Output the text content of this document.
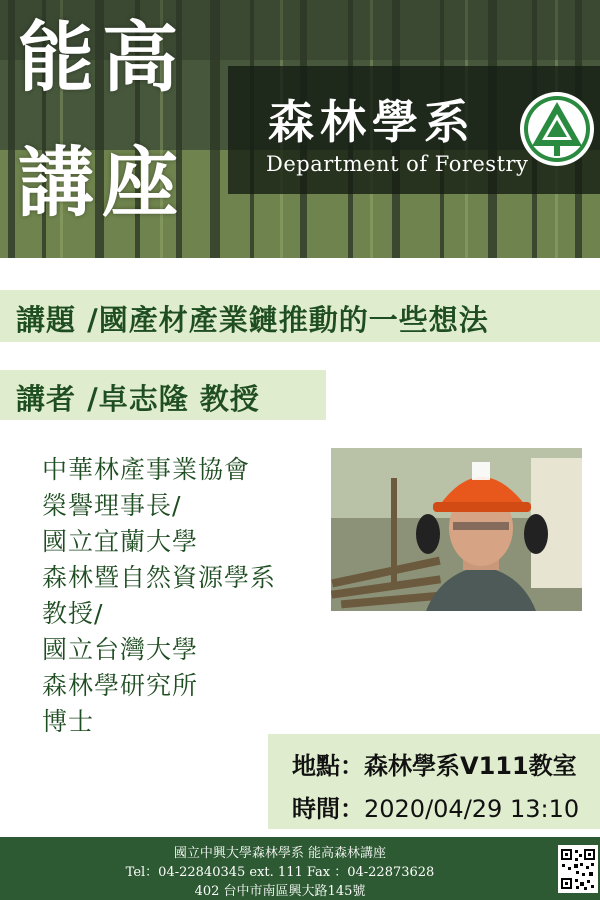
能高
講座
森林學系
Department of Forestry
講題 /國產材產業鏈推動的一些想法
講者 /卓志隆 教授
中華林產事業協會
榮譽理事長/
國立宜蘭大學
森林暨自然資源學系
教授/
國立台灣大學
森林學研究所
博士
地點：森林學系V111教室
時間：2020/04/29 13:10
國立中興大學森林學系 能高森林講座
Tel：04-22840345 ext. 111 Fax ：04-22873628
402 台中市南區興大路145號
